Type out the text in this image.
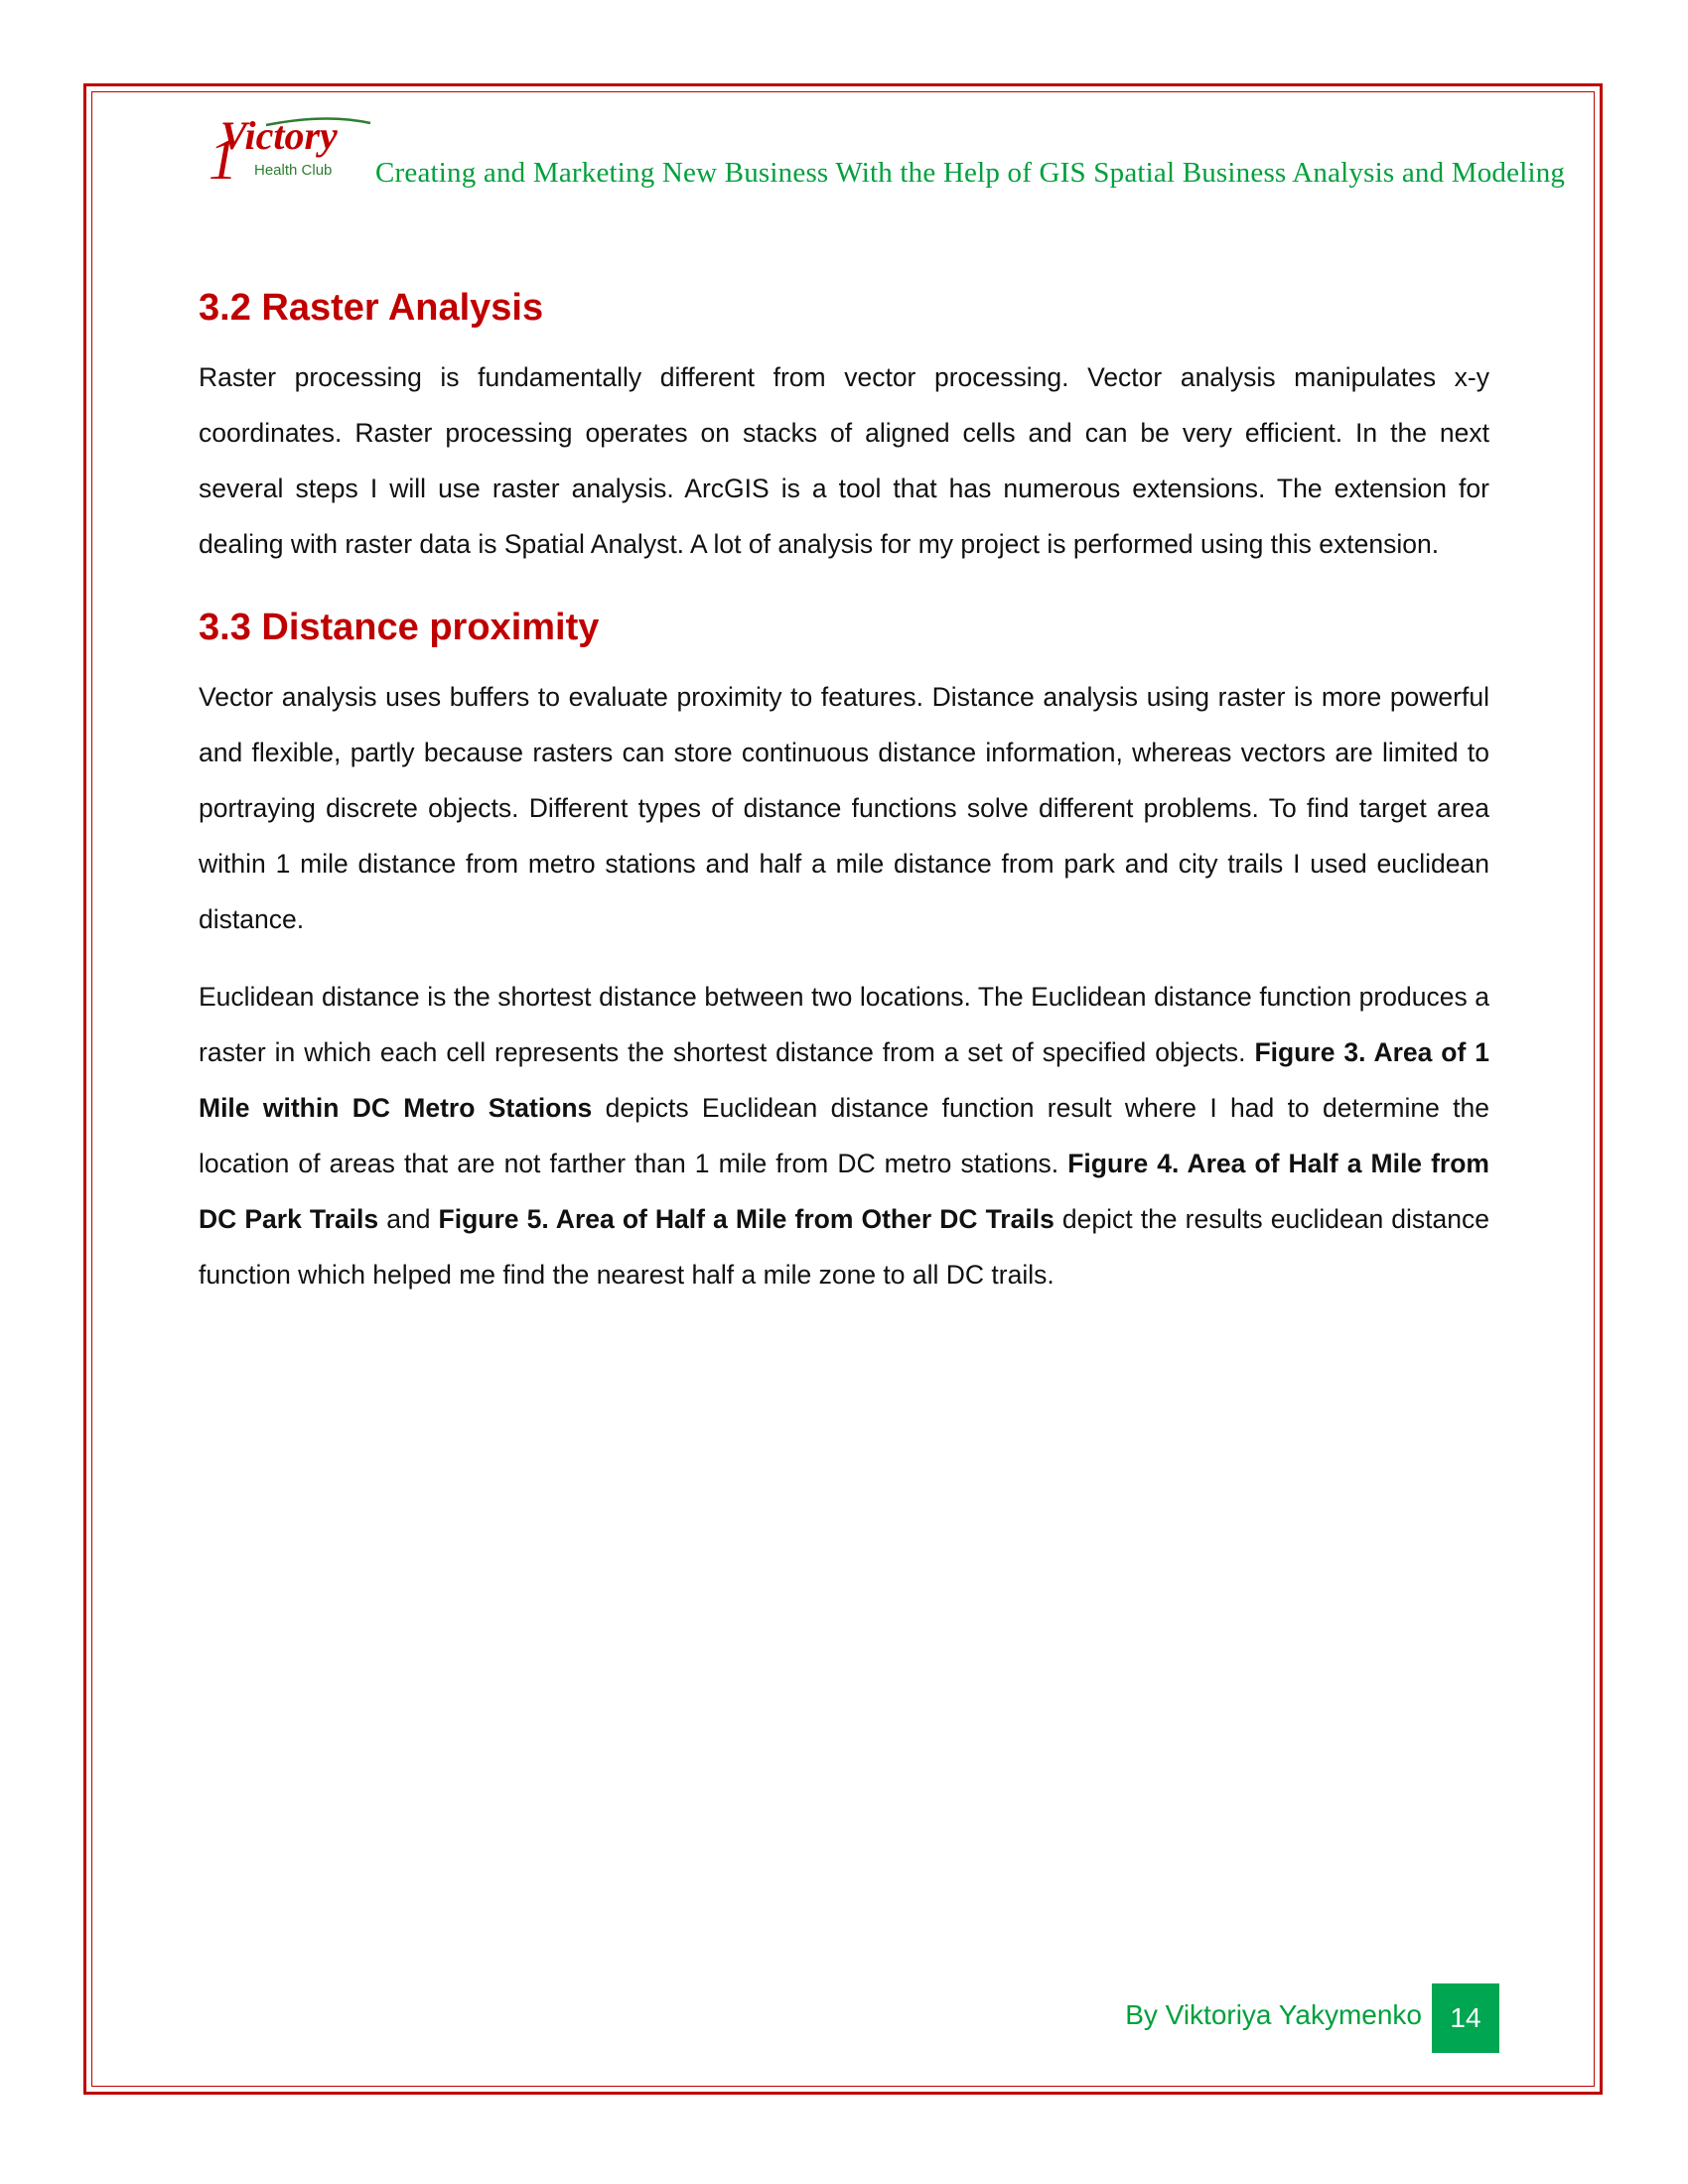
1
Victory
Health Club Creating and Marketing New Business With the Help of GIS Spatial Business Analysis and Modeling
3.2 Raster Analysis

Raster processing is fundamentally different from vector processing. Vector analysis manipulates x-y coordinates. Raster processing operates on stacks of aligned cells and can be very efficient. In the next several steps I will use raster analysis. ArcGIS is a tool that has numerous extensions. The extension for dealing with raster data is Spatial Analyst. A lot of analysis for my project is performed using this extension.

3.3 Distance proximity

Vector analysis uses buffers to evaluate proximity to features. Distance analysis using raster is more powerful and flexible, partly because rasters can store continuous distance information, whereas vectors are limited to portraying discrete objects. Different types of distance functions solve different problems. To find target area within 1 mile distance from metro stations and half a mile distance from park and city trails I used euclidean distance.

Euclidean distance is the shortest distance between two locations. The Euclidean distance function produces a raster in which each cell represents the shortest distance from a set of specified objects. Figure 3. Area of 1 Mile within DC Metro Stations depicts Euclidean distance function result where I had to determine the location of areas that are not farther than 1 mile from DC metro stations. Figure 4. Area of Half a Mile from DC Park Trails and Figure 5. Area of Half a Mile from Other DC Trails depict the results euclidean distance function which helped me find the nearest half a mile zone to all DC trails.

By Viktoriya Yakymenko	14
